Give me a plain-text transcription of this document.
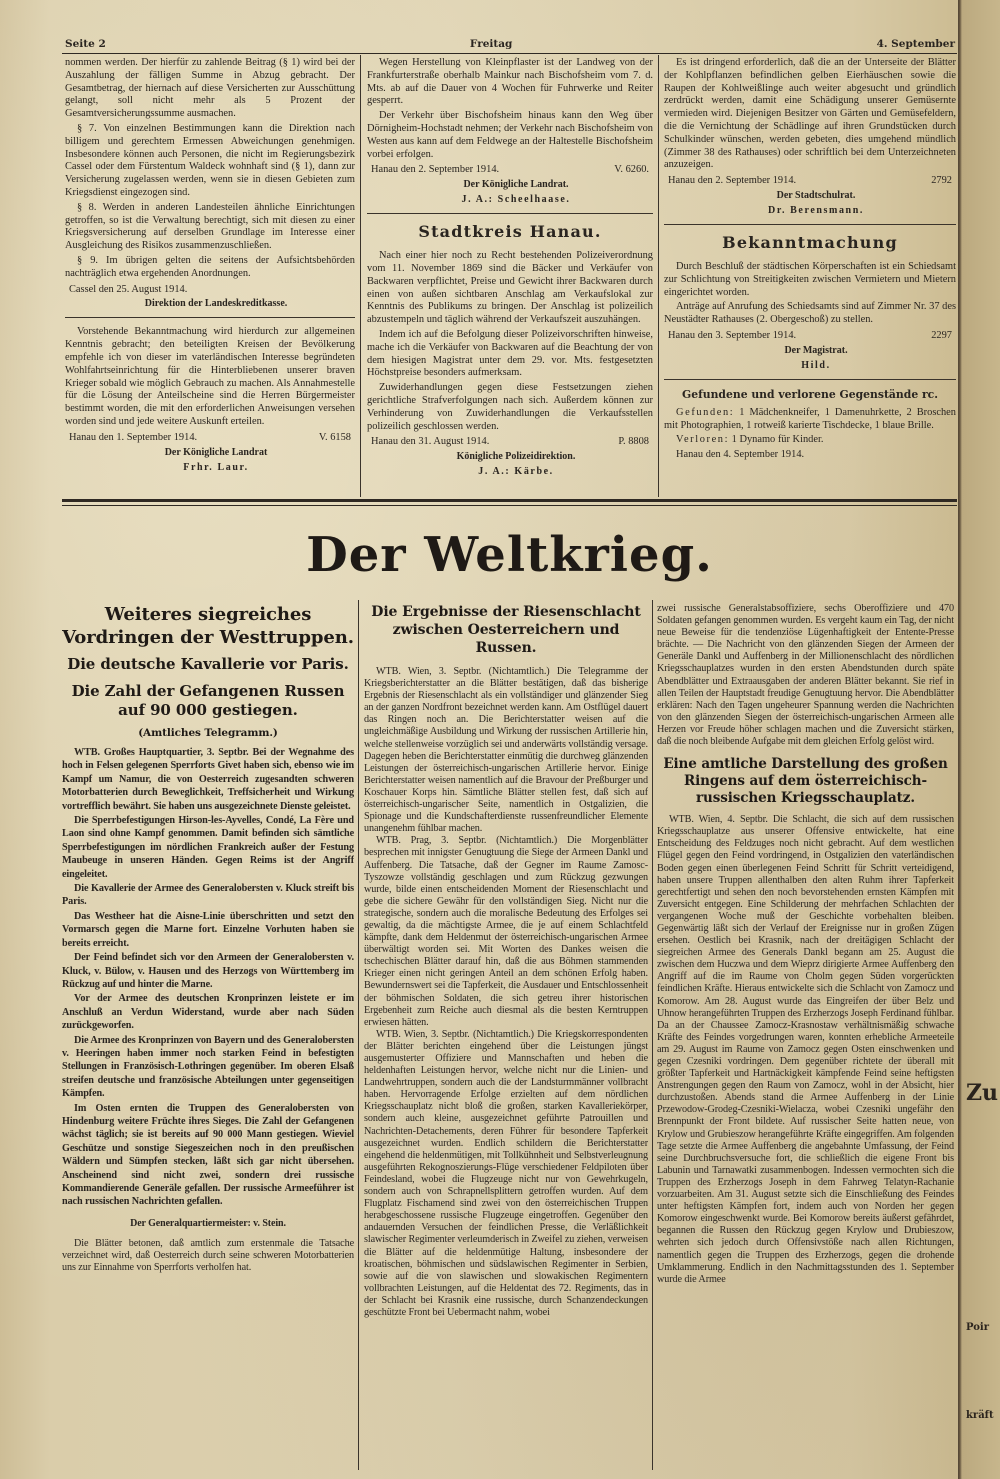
Seite 2	Freitag	4. September

nommen werden. Der hierfür zu zahlende Beitrag (§ 1) wird bei der Auszahlung der fälligen Summe in Abzug gebracht. Der Gesamtbetrag, der hiernach auf diese Versicherten zur Ausschüttung gelangt, soll nicht mehr als 5 Prozent der Gesamtversicherungssumme ausmachen.

§ 7. Von einzelnen Bestimmungen kann die Direktion nach billigem und gerechtem Ermessen Abweichungen genehmigen. Insbesondere können auch Personen, die nicht im Regierungsbezirk Cassel oder dem Fürstentum Waldeck wohnhaft sind (§ 1), dann zur Versicherung zugelassen werden, wenn sie in diesen Gebieten zum Kriegsdienst eingezogen sind.

§ 8. Werden in anderen Landesteilen ähnliche Einrichtungen getroffen, so ist die Verwaltung berechtigt, sich mit diesen zu einer Kriegsversicherung auf derselben Grundlage im Interesse einer Ausgleichung des Risikos zusammenzuschließen.

§ 9. Im übrigen gelten die seitens der Aufsichtsbehörden nachträglich etwa ergehenden Anordnungen.

Cassel den 25. August 1914.

Direktion der Landeskreditkasse.

Vorstehende Bekanntmachung wird hierdurch zur allgemeinen Kenntnis gebracht; den beteiligten Kreisen der Bevölkerung empfehle ich von dieser im vaterländischen Interesse begründeten Wohlfahrtseinrichtung für die Hinterbliebenen unserer braven Krieger sobald wie möglich Gebrauch zu machen. Als Annahmestelle für die Lösung der Anteilscheine sind die Herren Bürgermeister bestimmt worden, die mit den erforderlichen Anweisungen versehen worden sind und jede weitere Auskunft erteilen.

Hanau den 1. September 1914.	V. 6158

Der Königliche Landrat

Frhr. Laur.

Wegen Herstellung von Kleinpflaster ist der Landweg von der Frankfurterstraße oberhalb Mainkur nach Bischofsheim vom 7. d. Mts. ab auf die Dauer von 4 Wochen für Fuhrwerke und Reiter gesperrt.

Der Verkehr über Bischofsheim hinaus kann den Weg über Dörnigheim-Hochstadt nehmen; der Verkehr nach Bischofsheim von Westen aus kann auf dem Feldwege an der Haltestelle Bischofsheim vorbei erfolgen.

Hanau den 2. September 1914.	V. 6260.

Der Königliche Landrat.

J. A.: Scheelhaase.

Stadtkreis Hanau.

Nach einer hier noch zu Recht bestehenden Polizeiverordnung vom 11. November 1869 sind die Bäcker und Verkäufer von Backwaren verpflichtet, Preise und Gewicht ihrer Backwaren durch einen von außen sichtbaren Anschlag am Verkaufslokal zur Kenntnis des Publikums zu bringen. Der Anschlag ist polizeilich abzustempeln und täglich während der Verkaufszeit auszuhängen.

Indem ich auf die Befolgung dieser Polizeivorschriften hinweise, mache ich die Verkäufer von Backwaren auf die Beachtung der von dem hiesigen Magistrat unter dem 29. vor. Mts. festgesetzten Höchstpreise besonders aufmerksam.

Zuwiderhandlungen gegen diese Festsetzungen ziehen gerichtliche Strafverfolgungen nach sich. Außerdem können zur Verhinderung von Zuwiderhandlungen die Verkaufsstellen polizeilich geschlossen werden.

Hanau den 31. August 1914.	P. 8808

Königliche Polizeidirektion.

J. A.: Kärbe.

Es ist dringend erforderlich, daß die an der Unterseite der Blätter der Kohlpflanzen befindlichen gelben Eierhäuschen sowie die Raupen der Kohlweißlinge auch weiter abgesucht und gründlich zerdrückt werden, damit eine Schädigung unserer Gemüsernte vermieden wird. Diejenigen Besitzer von Gärten und Gemüsefeldern, die die Vernichtung der Schädlinge auf ihren Grundstücken durch Schulkinder wünschen, werden gebeten, dies umgehend mündlich (Zimmer 38 des Rathauses) oder schriftlich bei dem Unterzeichneten anzuzeigen.

Hanau den 2. September 1914.	2792

Der Stadtschulrat.

Dr. Berensmann.

Bekanntmachung

Durch Beschluß der städtischen Körperschaften ist ein Schiedsamt zur Schlichtung von Streitigkeiten zwischen Vermietern und Mietern eingerichtet worden.

Anträge auf Anrufung des Schiedsamts sind auf Zimmer Nr. 37 des Neustädter Rathauses (2. Obergeschoß) zu stellen.

Hanau den 3. September 1914.	2297

Der Magistrat.

Hild.

Gefundene und verlorene Gegenstände rc.

Gefunden: 1 Mädchenkneifer, 1 Damenuhrkette, 2 Broschen mit Photographien, 1 rotweiß karierte Tischdecke, 1 blaue Brille.

Verloren: 1 Dynamo für Kinder.

Hanau den 4. September 1914.

Der Weltkrieg.
Weiteres siegreiches Vordringen der Westtruppen.
Die deutsche Kavallerie vor Paris.
Die Zahl der Gefangenen Russen auf 90 000 gestiegen.
(Amtliches Telegramm.)

WTB. Großes Hauptquartier, 3. Septbr. Bei der Wegnahme des hoch in Felsen gelegenen Sperrforts Givet haben sich, ebenso wie im Kampf um Namur, die von Oesterreich zugesandten schweren Motorbatterien durch Beweglichkeit, Treffsicherheit und Wirkung vortrefflich bewährt. Sie haben uns ausgezeichnete Dienste geleistet.

Die Sperrbefestigungen Hirson-les-Ayvelles, Condé, La Fère und Laon sind ohne Kampf genommen. Damit befinden sich sämtliche Sperrbefestigungen im nördlichen Frankreich außer der Festung Maubeuge in unseren Händen. Gegen Reims ist der Angriff eingeleitet.

Die Kavallerie der Armee des Generalobersten v. Kluck streift bis Paris.

Das Westheer hat die Aisne-Linie überschritten und setzt den Vormarsch gegen die Marne fort. Einzelne Vorhuten haben sie bereits erreicht.

Der Feind befindet sich vor den Armeen der Generalobersten v. Kluck, v. Bülow, v. Hausen und des Herzogs von Württemberg im Rückzug auf und hinter die Marne.

Vor der Armee des deutschen Kronprinzen leistete er im Anschluß an Verdun Widerstand, wurde aber nach Süden zurückgeworfen.

Die Armee des Kronprinzen von Bayern und des Generalobersten v. Heeringen haben immer noch starken Feind in befestigten Stellungen in Französisch-Lothringen gegenüber. Im oberen Elsaß streifen deutsche und französische Abteilungen unter gegenseitigen Kämpfen.

Im Osten ernten die Truppen des Generalobersten von Hindenburg weitere Früchte ihres Sieges. Die Zahl der Gefangenen wächst täglich; sie ist bereits auf 90 000 Mann gestiegen. Wieviel Geschütze und sonstige Siegeszeichen noch in den preußischen Wäldern und Sümpfen stecken, läßt sich gar nicht übersehen. Anscheinend sind nicht zwei, sondern drei russische Kommandierende Generäle gefallen. Der russische Armeeführer ist nach russischen Nachrichten gefallen.

Der Generalquartiermeister: v. Stein.

Die Blätter betonen, daß amtlich zum erstenmale die Tatsache verzeichnet wird, daß Oesterreich durch seine schweren Motorbatterien uns zur Einnahme von Sperrforts verholfen hat.

Die Ergebnisse der Riesenschlacht zwischen Oesterreichern und Russen.

WTB. Wien, 3. Septbr. (Nichtamtlich.) Die Telegramme der Kriegsberichterstatter an die Blätter bestätigen, daß das bisherige Ergebnis der Riesenschlacht als ein vollständiger und glänzender Sieg an der ganzen Nordfront bezeichnet werden kann. Am Ostflügel dauert das Ringen noch an. Die Berichterstatter weisen auf die ungleichmäßige Ausbildung und Wirkung der russischen Artillerie hin, welche stellenweise vorzüglich sei und anderwärts vollständig versage. Dagegen heben die Berichterstatter einmütig die durchweg glänzenden Leistungen der österreichisch-ungarischen Artillerie hervor. Einige Berichterstatter weisen namentlich auf die Bravour der Preßburger und Koschauer Korps hin. Sämtliche Blätter stellen fest, daß sich auf österreichisch-ungarischer Seite, namentlich in Ostgalizien, die Spionage und die Kundschafterdienste russenfreundlicher Elemente unangenehm fühlbar machen.

WTB. Prag, 3. Septbr. (Nichtamtlich.) Die Morgenblätter besprechen mit innigster Genugtuung die Siege der Armeen Dankl und Auffenberg. Die Tatsache, daß der Gegner im Raume Zamosc-Tyszowze vollständig geschlagen und zum Rückzug gezwungen wurde, bilde einen entscheidenden Moment der Riesenschlacht und gebe die sichere Gewähr für den vollständigen Sieg. Nicht nur die strategische, sondern auch die moralische Bedeutung des Erfolges sei gewaltig, da die mächtigste Armee, die je auf einem Schlachtfeld kämpfte, dank dem Heldenmut der österreichisch-ungarischen Armee überwältigt worden sei. Mit Worten des Dankes weisen die tschechischen Blätter darauf hin, daß die aus Böhmen stammenden Krieger einen nicht geringen Anteil an dem schönen Erfolg haben. Bewundernswert sei die Tapferkeit, die Ausdauer und Entschlossenheit der böhmischen Soldaten, die sich getreu ihrer historischen Ergebenheit zum Reiche auch diesmal als die besten Kerntruppen erwiesen hätten.

WTB. Wien, 3. Septbr. (Nichtamtlich.) Die Kriegskorrespondenten der Blätter berichten eingehend über die Leistungen jüngst ausgemusterter Offiziere und Mannschaften und heben die heldenhaften Leistungen hervor, welche nicht nur die Linien- und Landwehrtruppen, sondern auch die der Landsturmmänner vollbracht haben. Hervorragende Erfolge erzielten auf dem nördlichen Kriegsschauplatz nicht bloß die großen, starken Kavalleriekörper, sondern auch kleine, ausgezeichnet geführte Patrouillen und Nachrichten-Detachements, deren Führer für besondere Tapferkeit ausgezeichnet wurden. Endlich schildern die Berichterstatter eingehend die heldenmütigen, mit Tollkühnheit und Selbstverleugnung ausgeführten Rekognoszierungs-Flüge verschiedener Feldpiloten über Feindesland, wobei die Flugzeuge nicht nur von Gewehrkugeln, sondern auch von Schrapnellsplittern getroffen wurden. Auf dem Flugplatz Fischamend sind zwei von den österreichischen Truppen herabgeschossene russische Flugzeuge eingetroffen. Gegenüber den andauernden Versuchen der feindlichen Presse, die Verläßlichkeit slawischer Regimenter verleumderisch in Zweifel zu ziehen, verweisen die Blätter auf die heldenmütige Haltung, insbesondere der kroatischen, böhmischen und südslawischen Regimenter in Serbien, sowie auf die von slawischen und slowakischen Regimentern vollbrachten Leistungen, auf die Heldentat des 72. Regiments, das in der Schlacht bei Krasnik eine russische, durch Schanzendeckungen geschützte Front bei Uebermacht nahm, wobei

zwei russische Generalstabsoffiziere, sechs Oberoffiziere und 470 Soldaten gefangen genommen wurden. Es vergeht kaum ein Tag, der nicht neue Beweise für die tendenziöse Lügenhaftigkeit der Entente-Presse brächte. — Die Nachricht von den glänzenden Siegen der Armeen der Generäle Dankl und Auffenberg in der Millionenschlacht des nördlichen Kriegsschauplatzes wurden in den ersten Abendstunden durch späte Abendblätter und Extraausgaben der anderen Blätter bekannt. Sie rief in allen Teilen der Hauptstadt freudige Genugtuung hervor. Die Abendblätter erklären: Nach den Tagen ungeheurer Spannung werden die Nachrichten von den glänzenden Siegen der österreichisch-ungarischen Armeen alle Herzen vor Freude höher schlagen machen und die Zuversicht stärken, daß die noch bleibende Aufgabe mit dem gleichen Erfolg gelöst wird.

Eine amtliche Darstellung des großen Ringens auf dem österreichisch-russischen Kriegsschauplatz.

WTB. Wien, 4. Septbr. Die Schlacht, die sich auf dem russischen Kriegsschauplatze aus unserer Offensive entwickelte, hat eine Entscheidung des Feldzuges noch nicht gebracht. Auf dem westlichen Flügel gegen den Feind vordringend, in Ostgalizien den vaterländischen Boden gegen einen überlegenen Feind Schritt für Schritt verteidigend, haben unsere Truppen allenthalben den alten Ruhm ihrer Tapferkeit gerechtfertigt und sehen den noch bevorstehenden ernsten Kämpfen mit Zuversicht entgegen. Eine Schilderung der mehrfachen Schlachten der vergangenen Woche muß der Geschichte vorbehalten bleiben. Gegenwärtig läßt sich der Verlauf der Ereignisse nur in großen Zügen ersehen. Oestlich bei Krasnik, nach der dreitägigen Schlacht der siegreichen Armee des Generals Dankl begann am 25. August die zwischen dem Huczwa und dem Wieprz dirigierte Armee Auffenberg den Angriff auf die im Raume von Cholm gegen Süden vorgerückten feindlichen Kräfte. Hieraus entwickelte sich die Schlacht von Zamocz und Komorow. Am 28. August wurde das Eingreifen der über Belz und Uhnow herangeführten Truppen des Erzherzogs Joseph Ferdinand fühlbar. Da an der Chaussee Zamocz-Krasnostaw verhältnismäßig schwache Kräfte des Feindes vorgedrungen waren, konnten erhebliche Armeeteile am 29. August im Raume von Zamocz gegen Osten einschwenken und gegen Czesniki vordringen. Dem gegenüber richtete der überall mit größter Tapferkeit und Hartnäckigkeit kämpfende Feind seine heftigsten Anstrengungen gegen den Raum von Zamocz, wohl in der Absicht, hier durchzustoßen. Abends stand die Armee Auffenberg in der Linie Przewodow-Grodeg-Czesniki-Wielacza, wobei Czesniki ungefähr den Brennpunkt der Front bildete. Auf russischer Seite hatten neue, von Krylow und Grubieszow herangeführte Kräfte eingegriffen. Am folgenden Tage setzte die Armee Auffenberg die angebahnte Umfassung, der Feind seine Durchbruchsversuche fort, die schließlich die eigene Front bis Labunin und Tarnawatki zusammenbogen. Indessen vermochten sich die Truppen des Erzherzogs Joseph in dem Fahrweg Telatyn-Rachanie vorzuarbeiten. Am 31. August setzte sich die Einschließung des Feindes unter heftigsten Kämpfen fort, indem auch von Norden her gegen Komorow eingeschwenkt wurde. Bei Komorow bereits äußerst gefährdet, begannen die Russen den Rückzug gegen Krylow und Drubieszow, wehrten sich jedoch durch Offensivstöße nach allen Richtungen, namentlich gegen die Truppen des Erzherzogs, gegen die drohende Umklammerung. Endlich in den Nachmittagsstunden des 1. September wurde die Armee

Zu
Poir
kräft
